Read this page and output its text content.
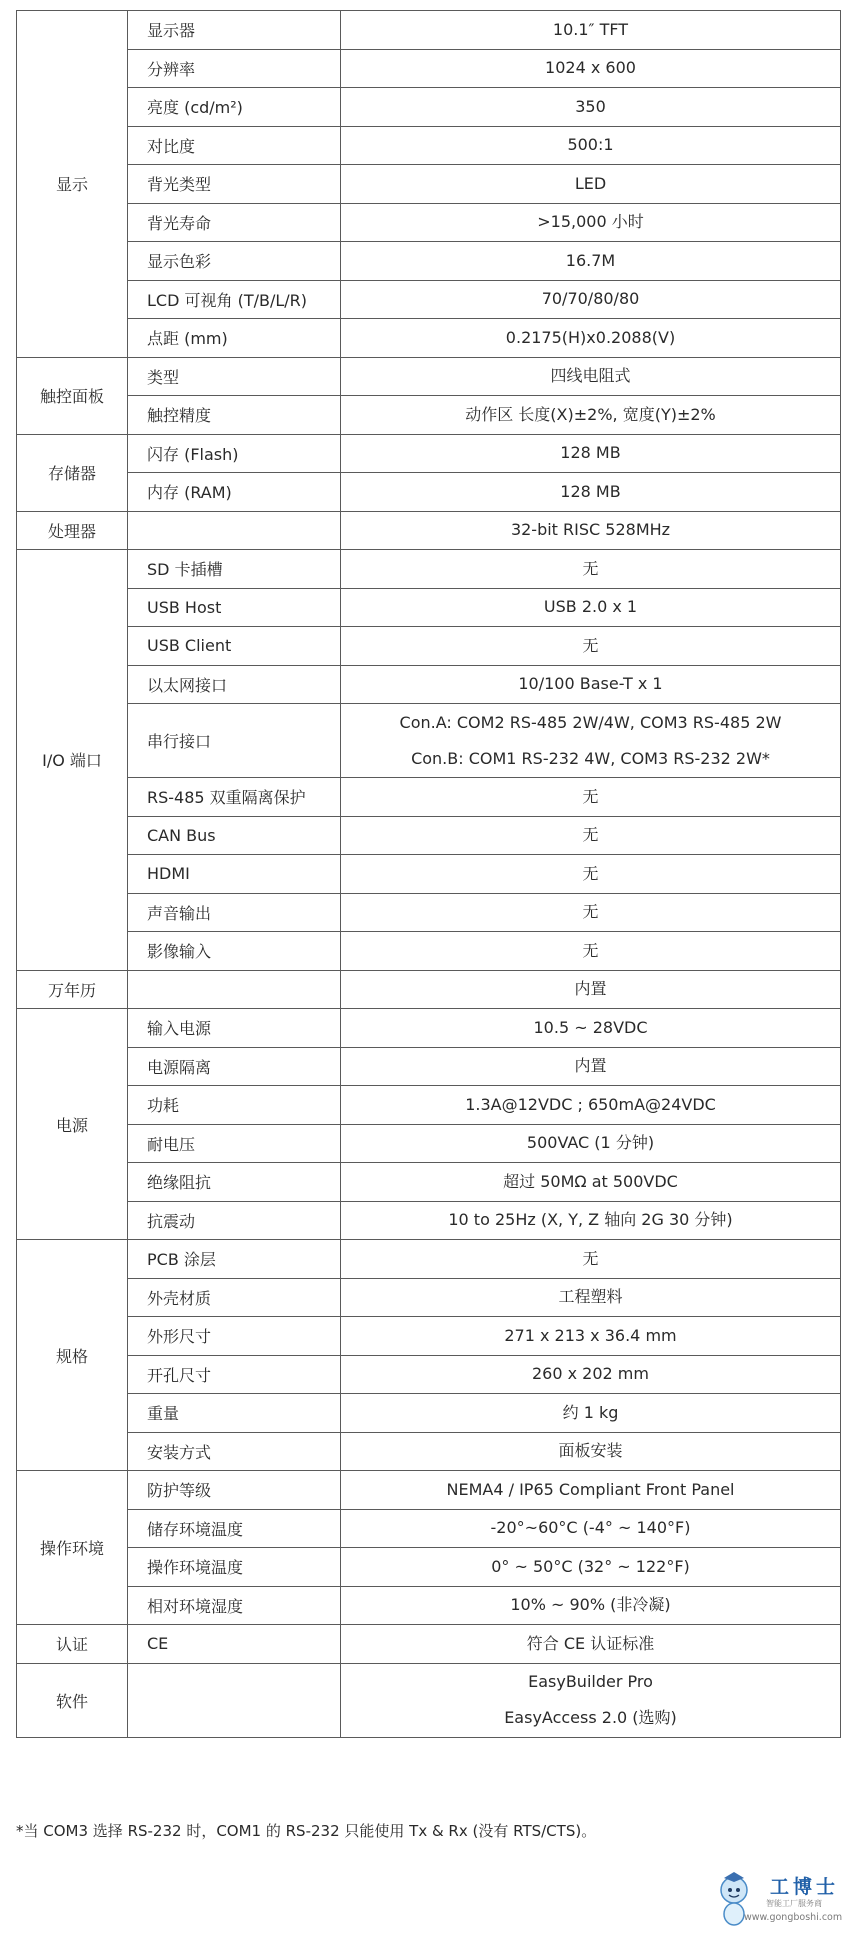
显示	显示器	10.1″ TFT

	分辨率	1024 x 600

	亮度 (cd/m²)	350

	对比度	500:1

	背光类型	LED

	背光寿命	>15,000 小时

	显示色彩	16.7M

	LCD 可视角 (T/B/L/R)	70/70/80/80

	点距 (mm)	0.2175(H)x0.2088(V)

触控面板	类型	四线电阻式

	触控精度	动作区 长度(X)±2%, 宽度(Y)±2%

存储器	闪存 (Flash)	128 MB

	内存 (RAM)	128 MB

处理器		32-bit RISC 528MHz

I/O 端口	SD 卡插槽	无

	USB Host	USB 2.0 x 1

	USB Client	无

	以太网接口	10/100 Base-T x 1

	串行接口	Con.A: COM2 RS-485 2W/4W, COM3 RS-485 2W
Con.B: COM1 RS-232 4W, COM3 RS-232 2W*

	RS-485 双重隔离保护	无

	CAN Bus	无

	HDMI	无

	声音输出	无

	影像输入	无

万年历		内置

电源	输入电源	10.5 ~ 28VDC

	电源隔离	内置

	功耗	1.3A@12VDC ; 650mA@24VDC

	耐电压	500VAC (1 分钟)

	绝缘阻抗	超过 50MΩ at 500VDC

	抗震动	10 to 25Hz (X, Y, Z 轴向 2G 30 分钟)

规格	PCB 涂层	无

	外壳材质	工程塑料

	外形尺寸	271 x 213 x 36.4 mm

	开孔尺寸	260 x 202 mm

	重量	约 1 kg

	安装方式	面板安装

操作环境	防护等级	NEMA4 / IP65 Compliant Front Panel

	储存环境温度	-20°~60°C (-4° ~ 140°F)

	操作环境温度	0° ~ 50°C (32° ~ 122°F)

	相对环境湿度	10% ~ 90% (非冷凝)

认证	CE	符合 CE 认证标准

软件		EasyBuilder Pro
EasyAccess 2.0 (选购)
*当 COM3 选择 RS-232 时，COM1 的 RS-232 只能使用 Tx & Rx (没有 RTS/CTS)。
工博士
智能工厂服务商
www.gongboshi.com
